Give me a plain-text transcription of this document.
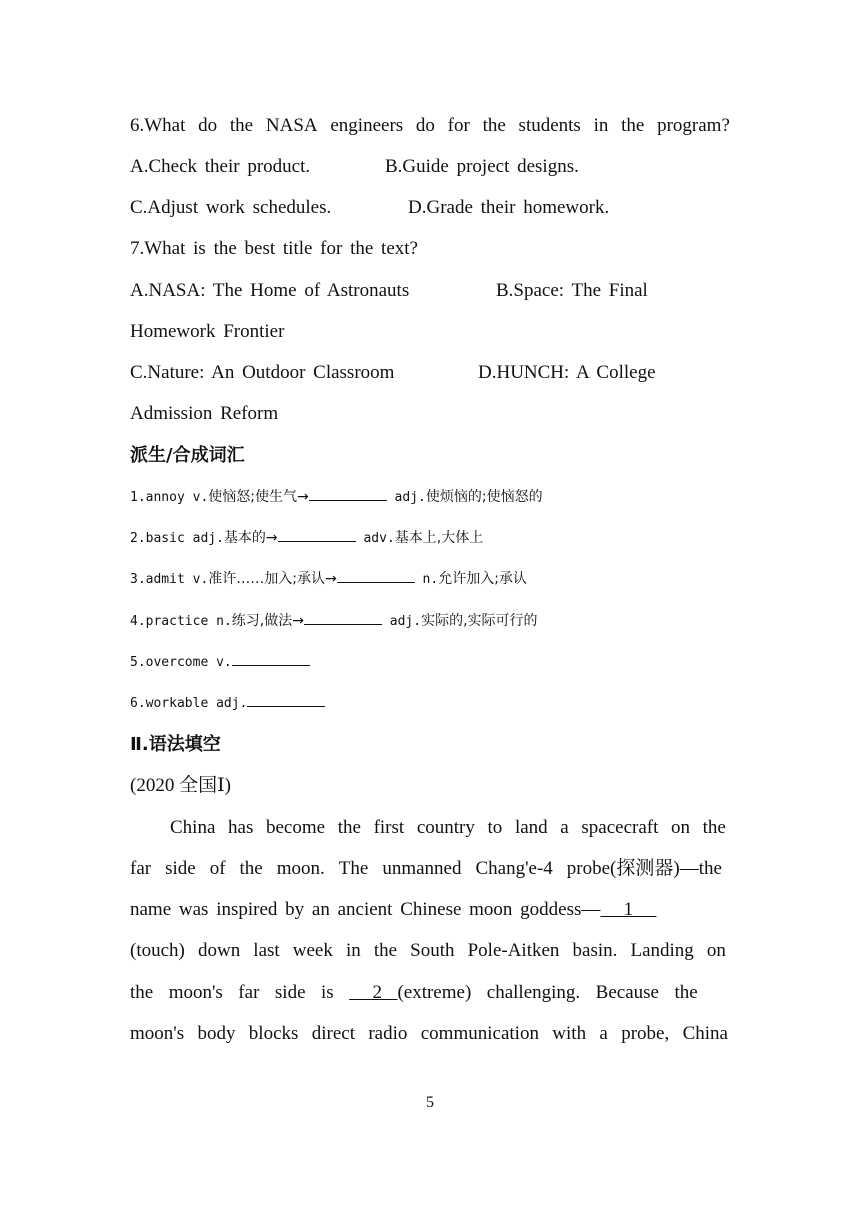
6.What do the NASA engineers do for the students in the program?
A.Check their product.	B.Guide project designs.
C.Adjust work schedules.	D.Grade their homework.
7.What is the best title for the text?
A.NASA: The Home of Astronauts	B.Space: The Final
Homework Frontier
C.Nature: An Outdoor Classroom	D.HUNCH: A College
Admission Reform
派生/合成词汇
1.annoy v.使恼怒;使生气→	adj.使烦恼的;使恼怒的
2.basic adj.基本的→	adv.基本上,大体上
3.admit v.准许……加入;承认→	n.允许加入;承认
4.practice n.练习,做法→	adj.实际的,实际可行的
5.overcome v.
6.workable adj.
Ⅱ.语法填空
(2020 全国Ⅰ)
China has become the first country to land a spacecraft on the
far side of the moon. The unmanned Chang'e-4 probe(探测器)—the
name was inspired by an ancient Chinese moon goddess—   1
(touch) down last week in the South Pole-Aitken basin. Landing on
the  moon's  far  side  is     2  (extreme)  challenging.  Because  the
moon's body blocks direct radio communication with a probe, China
5
